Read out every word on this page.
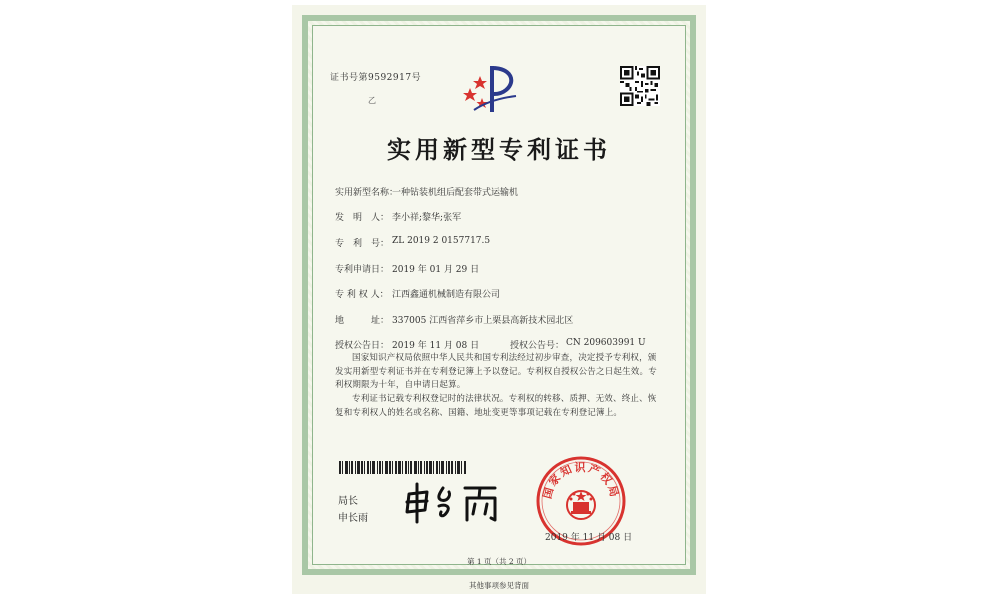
证书号第9592917号
乙
实用新型专利证书
实用新型名称：
一种钻装机组后配套带式运输机
发　明　人： 李小祥;黎华;张军
专　利　号： ZL 2019 2 0157717.5
专利申请日： 2019 年 01 月 29 日
专 利 权 人： 江西鑫通机械制造有限公司
地　　　址： 337005 江西省萍乡市上栗县高新技术园北区
授权公告日： 2019 年 11 月 08 日	授权公告号： CN 209603991 U
国家知识产权局依照中华人民共和国专利法经过初步审查，决定授予专利权，颁发实用新型专利证书并在专利登记簿上予以登记。专利权自授权公告之日起生效。专利权期限为十年，自申请日起算。
专利证书记载专利权登记时的法律状况。专利权的转移、质押、无效、终止、恢复和专利权人的姓名或名称、国籍、地址变更等事项记载在专利登记簿上。
局长
申长雨
国家知识产权局
2019 年 11 月 08 日
第 1 页（共 2 页）
其他事项参见背面
